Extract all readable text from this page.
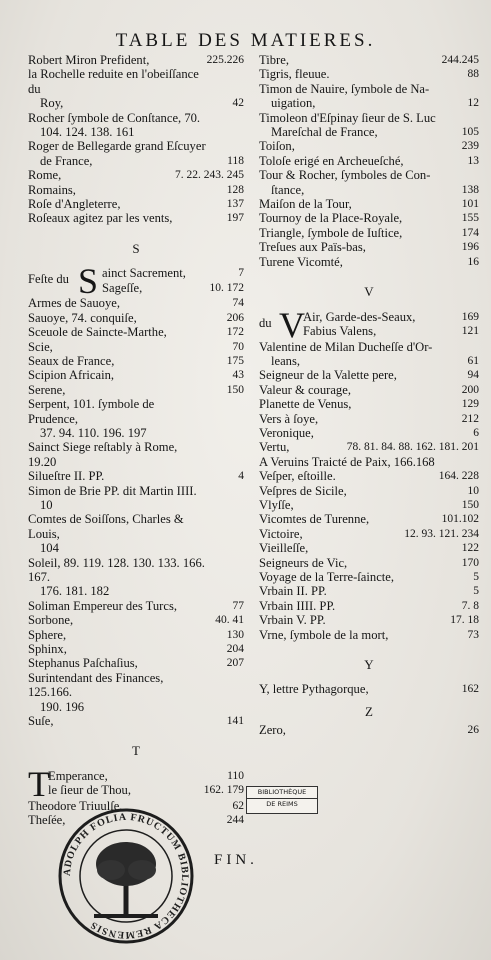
TABLE DES MATIERES.
Robert Miron Prefident,	225.226
la Rochelle reduite en l'obeiſſance du
Roy,	42
Rocher ſymbole de Conſtance, 70.
104. 124. 138. 161
Roger de Bellegarde grand Eſcuyer
de France,	118
Rome,	7. 22. 243. 245
Romains,	128
Roſe d'Angleterre,	137
Roſeaux agitez par les vents,	197
S
Feſte du S ainct Sacrement,	7
Sageſſe,	10. 172
Armes de Sauoye,	74
Sauoye, 74. conquiſe,	206
Sceuole de Saincte-Marthe,	172
Scie,	70
Seaux de France,	175
Scipion Africain,	43
Serene,	150
Serpent, 101. ſymbole de Prudence,
37. 94. 110. 196. 197
Sainct Siege reſtably à Rome, 19.20
Silueſtre II. PP.	4
Simon de Brie PP. dit Martin IIII.
10
Comtes de Soiſſons, Charles & Louis,
104
Soleil, 89. 119. 128. 130. 133. 166. 167.
176. 181. 182
Soliman Empereur des Turcs,	77
Sorbone,	40. 41
Sphere,	130
Sphinx,	204
Stephanus Paſchaſius,	207
Surintendant des Finances, 125.166.
190. 196
Suſe,	141
T
T
Emperance,	110
le ſieur de Thou,	162. 179
Theodore Triuulſe,	62
Theſée,	244
Tibre,	244.245
Tigris, fleuue.	88
Timon de Nauire, ſymbole de Na-
uigation,	12
Timoleon d'Eſpinay ſieur de S. Luc
Mareſchal de France,	105
Toiſon,	239
Toloſe erigé en Archeueſché,	13
Tour & Rocher, ſymboles de Con-
ſtance,	138
Maiſon de la Tour,	101
Tournoy de la Place-Royale,	155
Triangle, ſymbole de Iuſtice,	174
Treſues aux Païs-bas,	196
Turene Vicomté,	16
V
du V
Air, Garde-des-Seaux,	169
Fabius Valens,	121
Valentine de Milan Ducheſſe d'Or-
leans,	61
Seigneur de la Valette pere,	94
Valeur & courage,	200
Planette de Venus,	129
Vers à ſoye,	212
Veronique,	6
Vertu,	78. 81. 84. 88. 162. 181. 201
A Veruins Traicté de Paix, 166.168
Veſper, eſtoille.	164. 228
Veſpres de Sicile,	10
Vlyſſe,	150
Vicomtes de Turenne,	101.102
Victoire,	12. 93. 121. 234
Vieilleſſe,	122
Seigneurs de Vic,	170
Voyage de la Terre-ſaincte,	5
Vrbain II. PP.	5
Vrbain IIII. PP.	7. 8
Vrbain V. PP.	17. 18
Vrne, ſymbole de la mort,	73
Y
Y, lettre Pythagorque,	162
Z
Zero,	26
BIBLIOTHÈQUE
DE REIMS
ADOLPH FOLIA FRUCTUM BIBLIOTHECA REMENSIS
FIN.
